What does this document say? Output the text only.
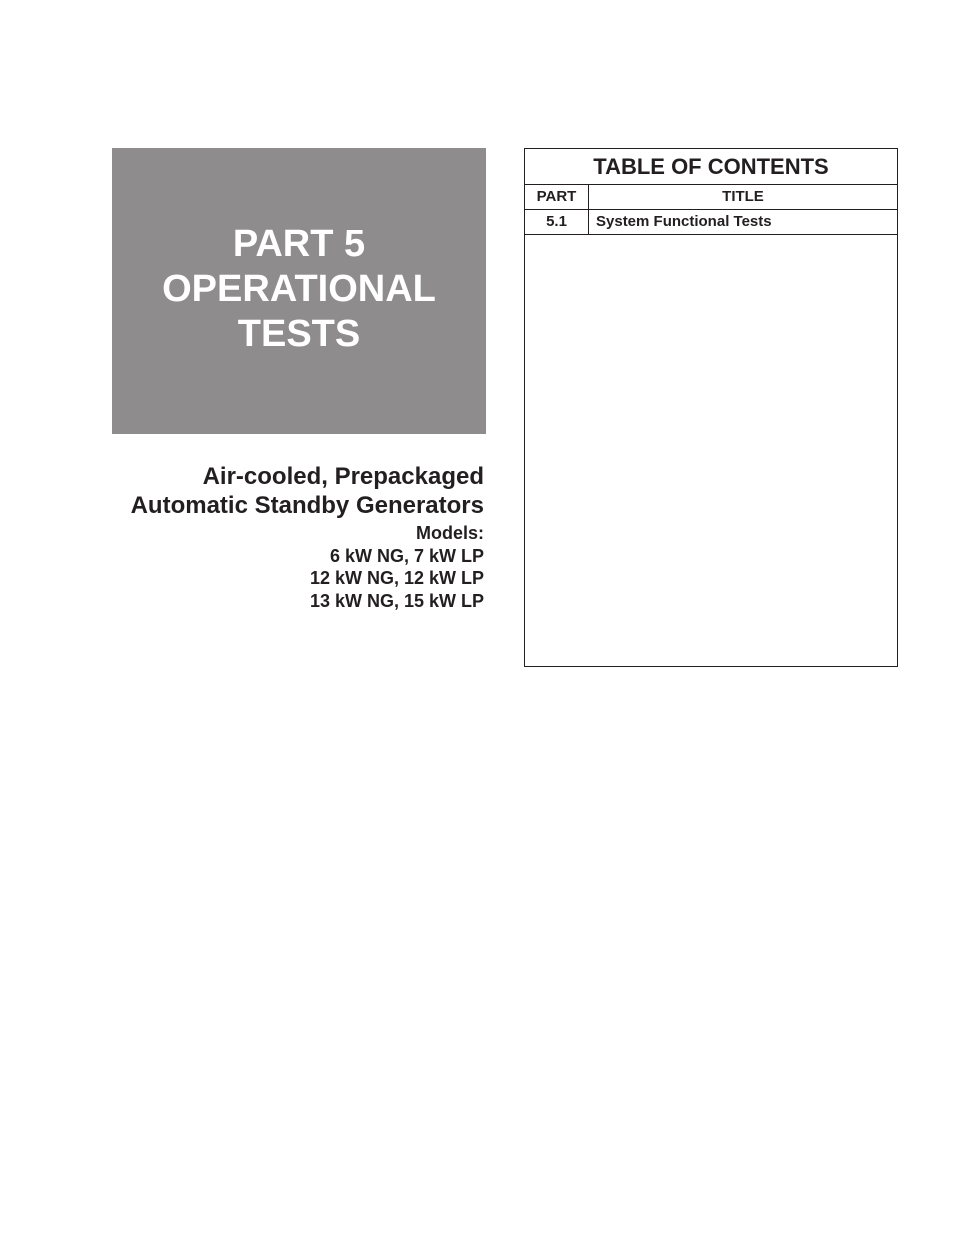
PART 5
OPERATIONAL
TESTS
Air-cooled, Prepackaged
Automatic Standby Generators
Models:
6 kW NG, 7 kW LP
12 kW NG, 12 kW LP
13 kW NG, 15 kW LP
TABLE OF CONTENTS
PART	TITLE
5.1	System Functional Tests
